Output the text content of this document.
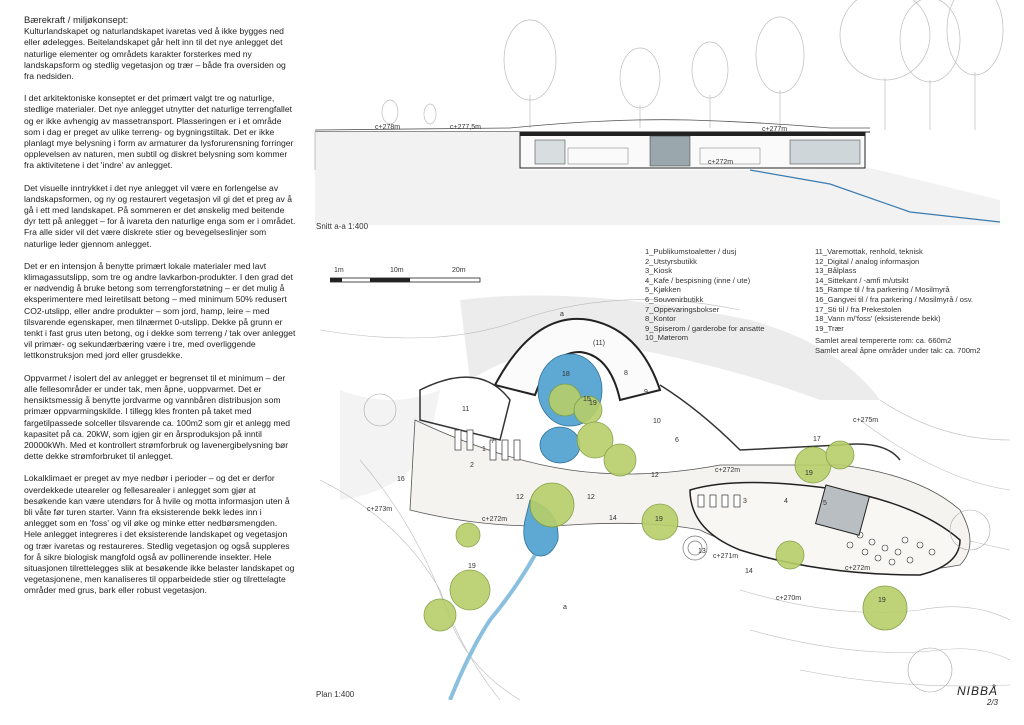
Bærekraft / miljøkonsept:

Kulturlandskapet og naturlandskapet ivaretas ved å ikke bygges ned eller ødelegges. Beitelandskapet går helt inn til det nye anlegget det naturlige elementer og områdets karakter forsterkes med ny landskapsform og stedlig vegetasjon og trær – både fra oversiden og fra nedsiden.

I det arkitektoniske konseptet er det primært valgt tre og naturlige, stedlige materialer. Det nye anlegget utnytter det naturlige terrengfallet og er ikke avhengig av massetransport. Plasseringen er i et område som i dag er preget av ulike terreng- og bygningstiltak. Det er ikke planlagt mye belysning i form av armaturer da lysforurensning forringer opplevelsen av naturen, men subtil og diskret belysning som kommer fra aktivitetene i det 'indre' av anlegget.

Det visuelle inntrykket i det nye anlegget vil være en forlengelse av landskapsformen, og ny og restaurert vegetasjon vil gi det et preg av å gå i ett med landskapet. På sommeren er det ønskelig med beitende dyr tett på anlegget – for å ivareta den naturlige enga som er i området. Fra alle sider vil det være diskrete stier og bevegelseslinjer som naturlige leder gjennom anlegget.

Det er en intensjon å benytte primært lokale materialer med lavt klimagassutslipp, som tre og andre lavkarbon-produkter. I den grad det er nødvendig å bruke betong som terrengforstøtning – er det mulig å eksperimentere med leiretilsatt betong – med minimum 50% redusert CO2-utslipp, eller andre produkter – som jord, hamp, leire – med tilsvarende egenskaper, men tilnærmet 0-utslipp. Dekke på grunn er tenkt i fast grus uten betong, og i dekke som terreng / tak over anlegget vil primær- og sekundærbæring være i tre, med overliggende lettkonstruksjon med jord eller grusdekke.

Oppvarmet / isolert del av anlegget er begrenset til et minimum – der alle fellesområder er under tak, men åpne, uoppvarmet. Det er hensiktsmessig å benytte jordvarme og vannbåren distribusjon som primær oppvarmingskilde. I tillegg kles fronten på taket med fargetilpassede solceller tilsvarende ca. 100m2 som gir et anlegg med kapasitet på ca. 20kW, som igjen gir en årsproduksjon på inntil 20000kWh. Med et kontrollert strømforbruk og lavenergibelysning bør dette dekke strømforbruket til anlegget.

Lokalklimaet er preget av mye nedbør i perioder – og det er derfor overdekkede uteareler og fellesarealer i anlegget som gjør at besøkende kan være utendørs for å hvile og motta informasjon uten å bli våte før turen starter. Vann fra eksisterende bekk ledes inn i anlegget som en 'foss' og vil øke og minke etter nedbørsmengden. Hele anlegget integreres i det eksisterende landskapet og vegetasjon og trær ivaretas og restaureres. Stedlig vegetasjon og også suppleres for å sikre biologisk mangfold også av pollinerende insekter. Hele situasjonen tilrettelegges slik at besøkende ikke belaster landskapet og vegetasjonene, men kanaliseres til opparbeidede stier og tilrettelagte områder med grus, bark eller robust vegetasjon.

c+278m	c+277,5m	c+277m
c+272m
Snitt a-a 1:400
1m	10m	20m
c+275m
c+272m
c+273m
c+272m
c+271m
c+272m
c+270m
a
a
(11)
11
18
15
7
8
9
10
6
1
2
5
4
16
17
12
12	12
14
14
13
3
19
19
19
19
19
Plan 1:400
1_Publikumstoaletter / dusj
2_Utstyrsbutikk
3_Kiosk
4_Kafe / bespisning (inne / ute)
5_Kjøkken
6_Souvenirbutikk
7_Oppevaringsbokser
8_Kontor
9_Spiserom / garderobe for ansatte
10_Møterom
11_Varemottak, renhold, teknisk
12_Digital / analog informasjon
13_Bålplass
14_Sittekant / -amfi m/utsikt
15_Rampe til / fra parkering / Mosilmyrå
16_Gangvei til / fra parkering / Mosilmyrå / osv.
17_Sti til / fra Prekestolen
18_Vann m/'foss' (eksisterende bekk)
19_Trær
Samlet areal tempererte rom: ca. 660m2
Samlet areal åpne områder under tak: ca. 700m2
NIBBÅ
2/3
